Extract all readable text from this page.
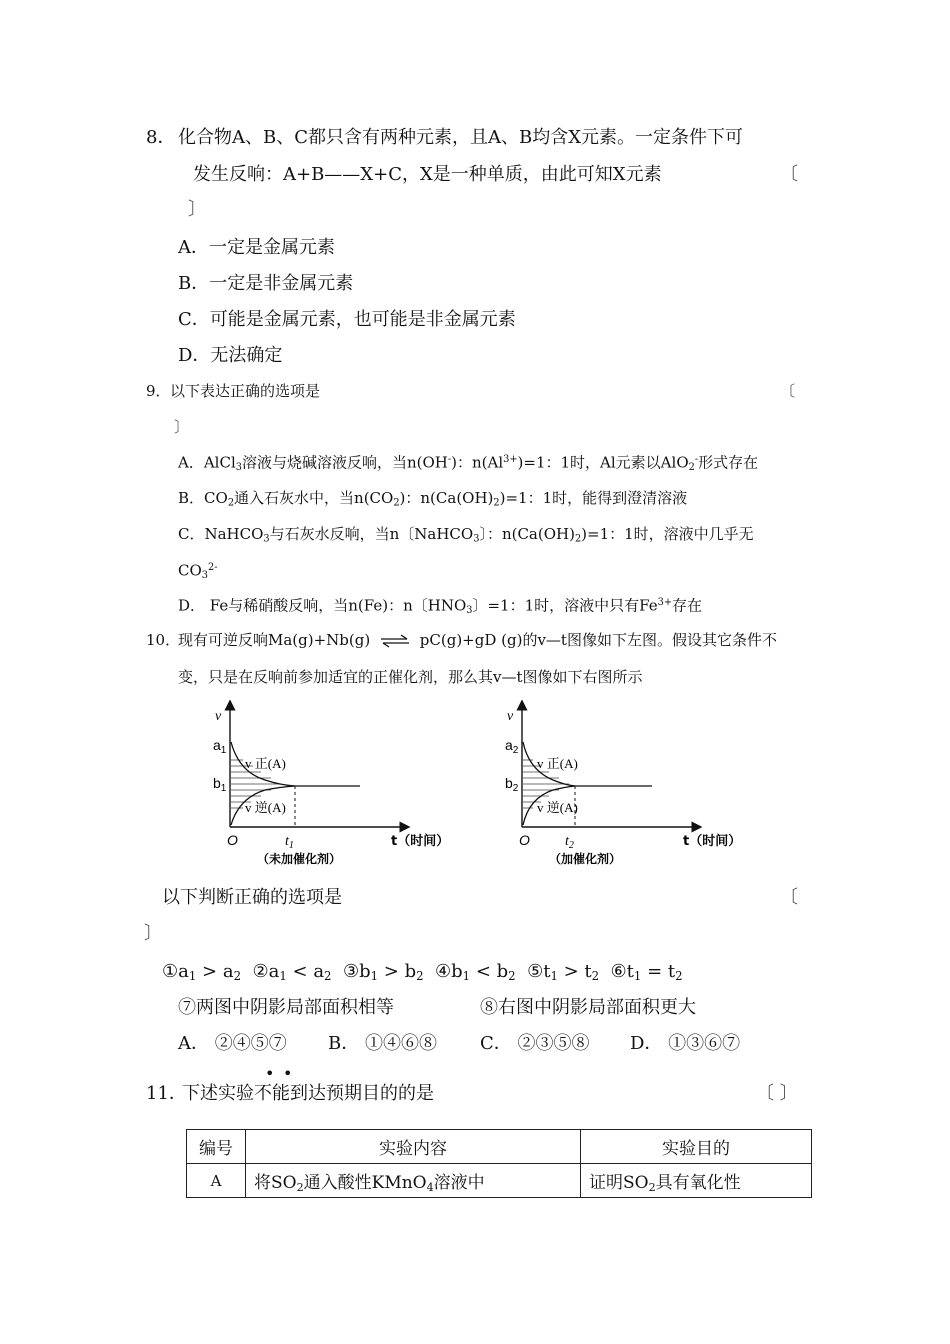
8． 化合物A、B、C都只含有两种元素，且A、B均含X元素。一定条件下可
发生反响：A+B——X+C，X是一种单质，由此可知X元素	〔
〕
A．一定是金属元素
B．一定是非金属元素
C．可能是金属元素，也可能是非金属元素
D．无法确定
9． 以下表达正确的选项是	〔
〕
A．AlCl$_3$溶液与烧碱溶液反响，当n(OH-)：$n(Al^{3+})=1$：1时，Al元素以AlO$_2$-形式存在
B．$CO_2$通入石灰水中，当$n(CO_2)$：$n(Ca(OH)_2)=1$：1时，能得到澄清溶液
C．NaHCO$_3$与石灰水反响，当n〔NaHCO$_3$〕：$n(Ca(OH)_2)=1$：1时，溶液中几乎无
$CO_3^{2-}$
D． Fe与稀硝酸反响，当n(Fe)：n〔$HNO_3$〕=1：1时，溶液中只有$Fe^{3+}$存在
10．
现有可逆反响Ma(g)+Nb(g) ⇌ pC(g)+gD (g)的v—t图像如下左图。假设其它条件不
变，只是在反响前参加适宜的正催化剂，那么其v—t图像如下右图所示
v
$a_1$
$b_1$
v 正(A)
v 逆(A)
O	$t_1$	t（时间）
（未加催化剂）
v
$a_2$
$b_2$
v 正(A)
v 逆(A)
O	$t_2$	t（时间）
（加催化剂）
以下判断正确的选项是	〔
〕
$①a_1 > a_2$ $②a_1 < a_2$ $③b_1 > b_2$ $④b_1 < b_2$ $⑤t_1 > t_2$ $⑥t_1 = t_2$
⑦两图中阴影局部面积相等	⑧右图中阴影局部面积更大
A． ②④⑤⑦ B． ①④⑥⑧ C． ②③⑤⑧ D． ①③⑥⑦
• •
11．
下述实验不能到达预期目的的是	〔 〕
编号	实验内容	实验目的
A	将$SO_2$通入酸性KMnO$_4$溶液中	证明$SO_2$具有氧化性
